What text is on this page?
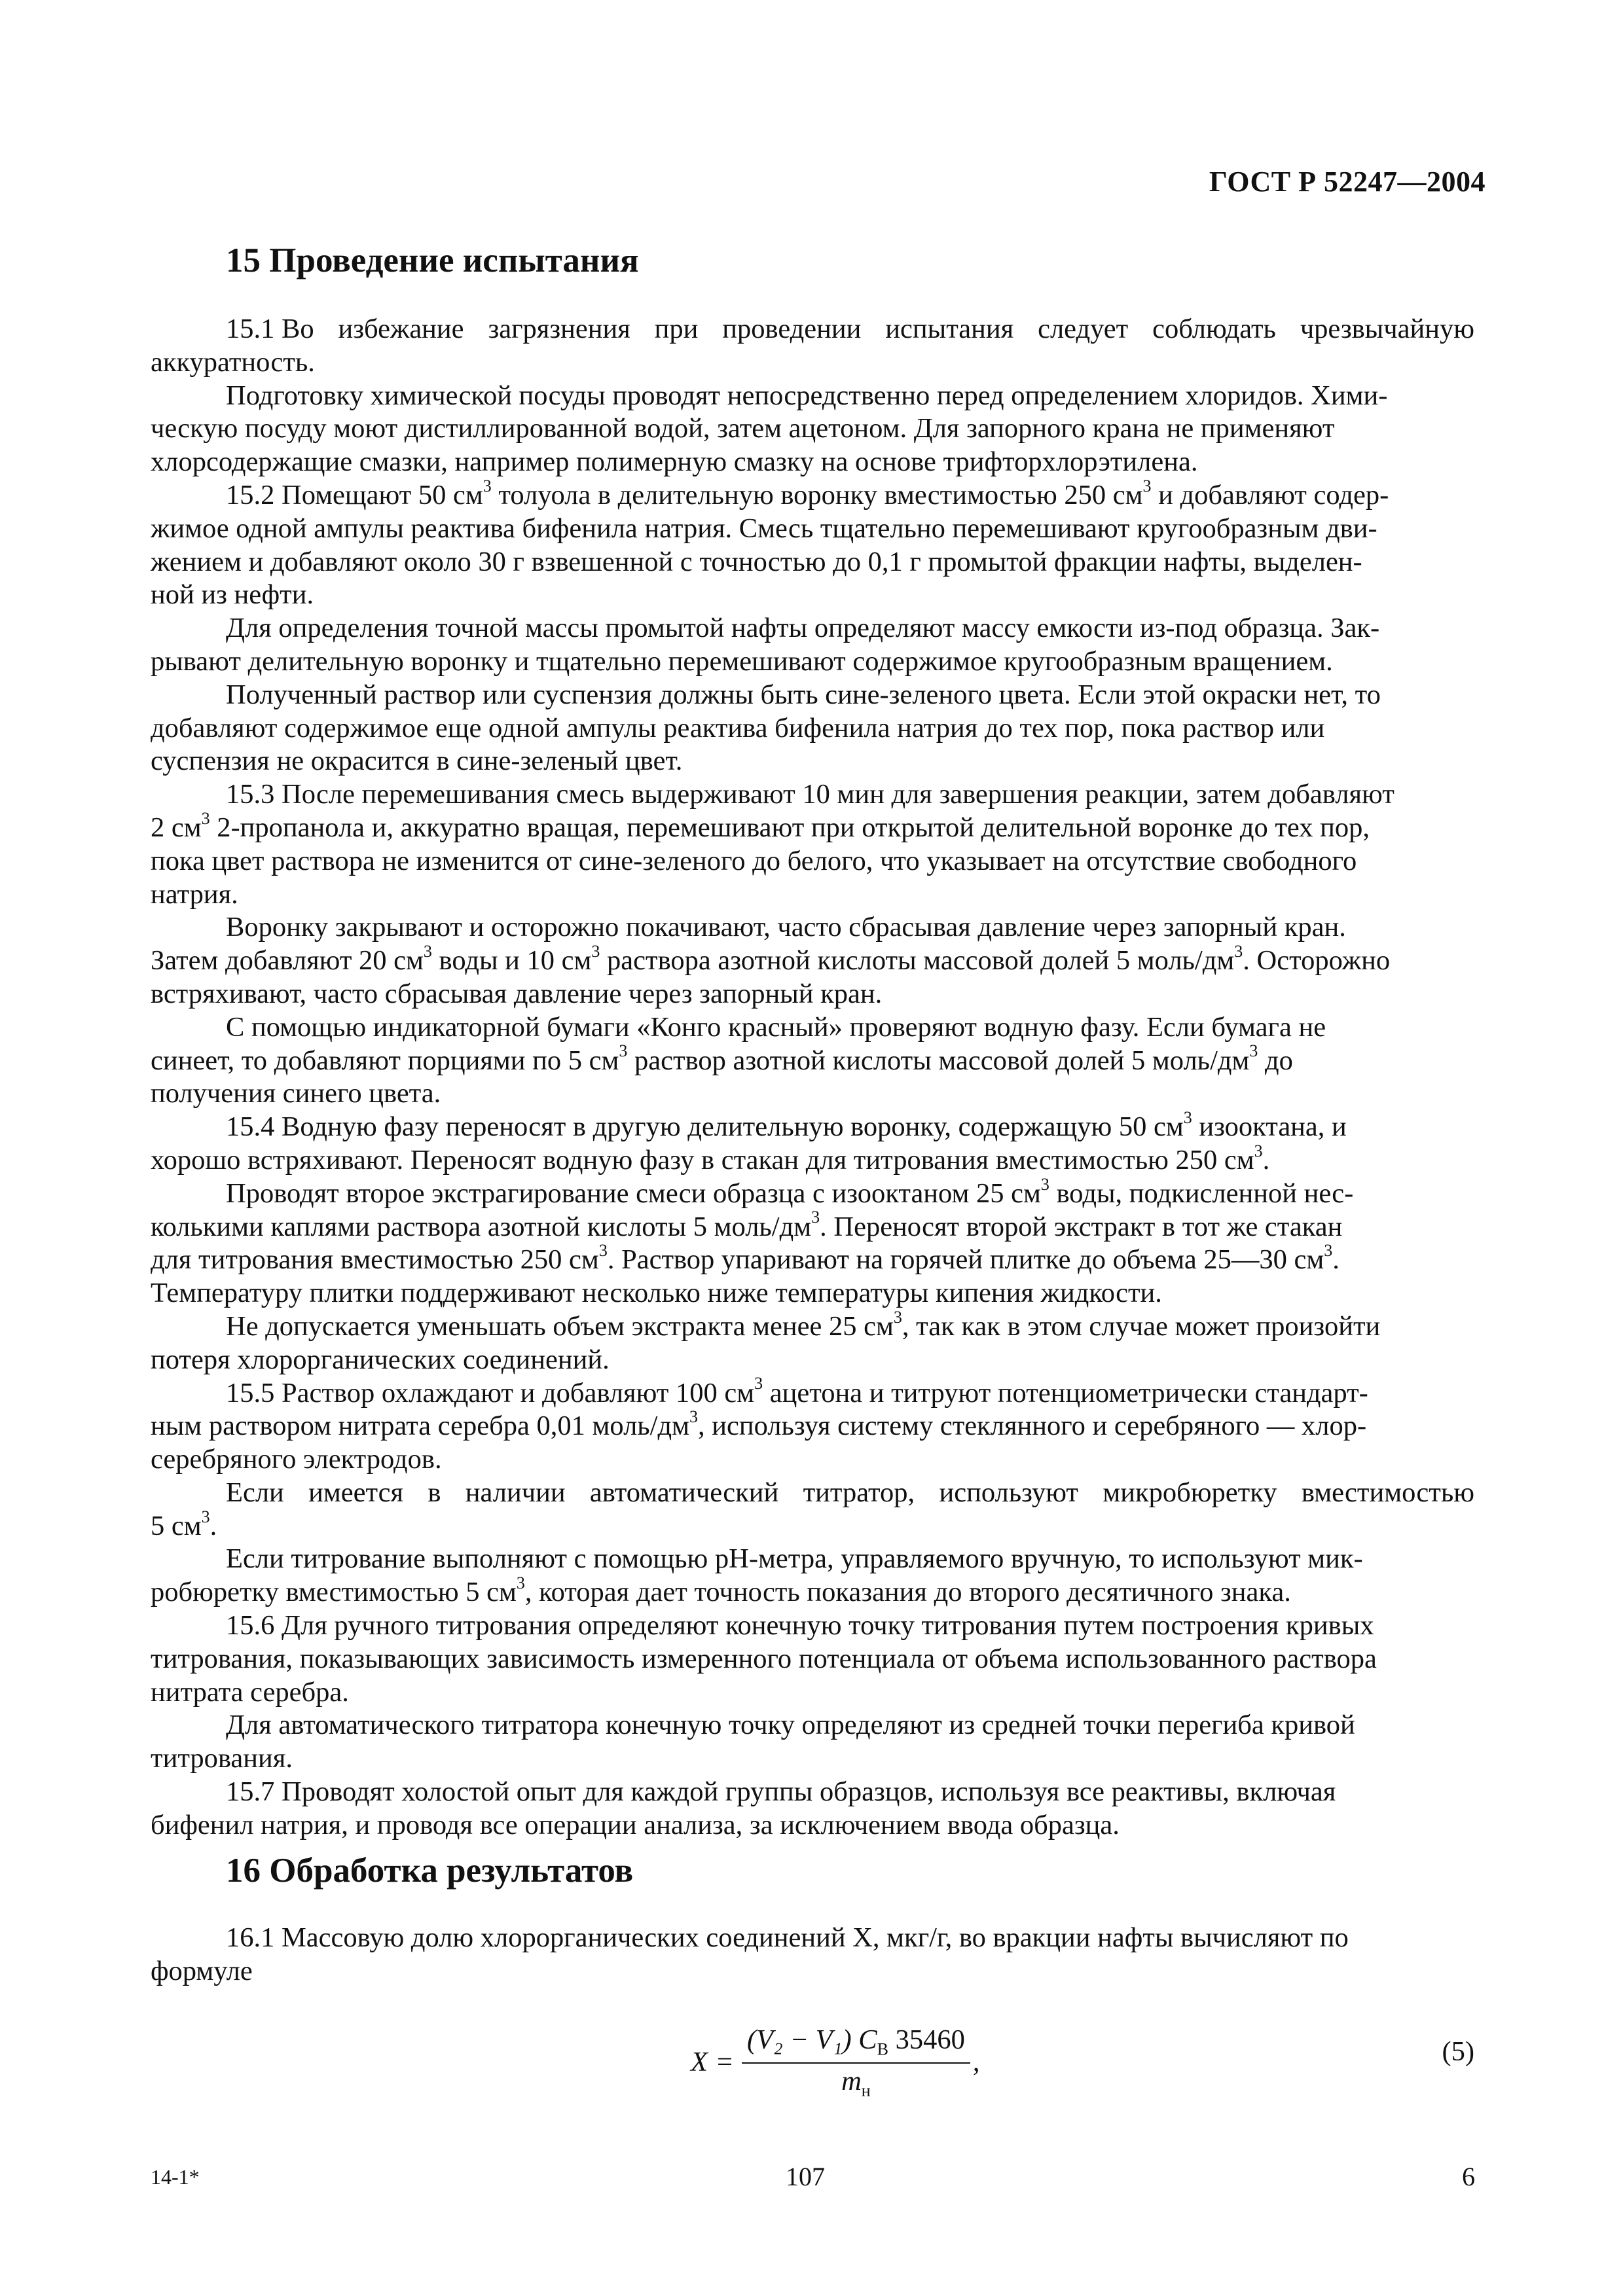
ГОСТ Р 52247—2004
15 Проведение испытания
15.1 Во избежание загрязнения при проведении испытания следует соблюдать чрезвычайную
аккуратность.
Подготовку химической посуды проводят непосредственно перед определением хлоридов. Хими-
ческую посуду моют дистиллированной водой, затем ацетоном. Для запорного крана не применяют
хлорсодержащие смазки, например полимерную смазку на основе трифторхлорэтилена.
15.2 Помещают 50 $см^3$ толуола в делительную воронку вместимостью 250 $см^3$ и добавляют содер-
жимое одной ампулы реактива бифенила натрия. Смесь тщательно перемешивают кругообразным дви-
жением и добавляют около 30 г взвешенной с точностью до 0,1 г промытой фракции нафты, выделен-
ной из нефти.
Для определения точной массы промытой нафты определяют массу емкости из-под образца. Зак-
рывают делительную воронку и тщательно перемешивают содержимое кругообразным вращением.
Полученный раствор или суспензия должны быть сине-зеленого цвета. Если этой окраски нет, то
добавляют содержимое еще одной ампулы реактива бифенила натрия до тех пор, пока раствор или
суспензия не окрасится в сине-зеленый цвет.
15.3 После перемешивания смесь выдерживают 10 мин для завершения реакции, затем добавляют
2 $см^3$ 2-пропанола и, аккуратно вращая, перемешивают при открытой делительной воронке до тех пор,
пока цвет раствора не изменится от сине-зеленого до белого, что указывает на отсутствие свободного
натрия.
Воронку закрывают и осторожно покачивают, часто сбрасывая давление через запорный кран.
Затем добавляют 20 $см^3$ воды и 10 $см^3$ раствора азотной кислоты массовой долей 5 моль/$дм^3$. Осторожно
встряхивают, часто сбрасывая давление через запорный кран.
С помощью индикаторной бумаги «Конго красный» проверяют водную фазу. Если бумага не
синеет, то добавляют порциями по 5 $см^3$ раствор азотной кислоты массовой долей 5 моль/$дм^3$ до
получения синего цвета.
15.4 Водную фазу переносят в другую делительную воронку, содержащую 50 $см^3$ изооктана, и
хорошо встряхивают. Переносят водную фазу в стакан для титрования вместимостью 250 $см^3$.
Проводят второе экстрагирование смеси образца с изооктаном 25 $см^3$ воды, подкисленной нес-
колькими каплями раствора азотной кислоты 5 моль/$дм^3$. Переносят второй экстракт в тот же стакан
для титрования вместимостью 250 $см^3$. Раствор упаривают на горячей плитке до объема 25—30 $см^3$.
Температуру плитки поддерживают несколько ниже температуры кипения жидкости.
Не допускается уменьшать объем экстракта менее 25 $см^3$, так как в этом случае может произойти
потеря хлорорганических соединений.
15.5 Раствор охлаждают и добавляют 100 $см^3$ ацетона и титруют потенциометрически стандарт-
ным раствором нитрата серебра 0,01 моль/$дм^3$, используя систему стеклянного и серебряного — хлор-
серебряного электродов.
Если имеется в наличии автоматический титратор, используют микробюретку вместимостью
5 $см^3$.
Если титрование выполняют с помощью pH-метра, управляемого вручную, то используют мик-
робюретку вместимостью 5 $см^3$, которая дает точность показания до второго десятичного знака.
15.6 Для ручного титрования определяют конечную точку титрования путем построения кривых
титрования, показывающих зависимость измеренного потенциала от объема использованного раствора
нитрата серебра.
Для автоматического титратора конечную точку определяют из средней точки перегиба кривой
титрования.
15.7 Проводят холостой опыт для каждой группы образцов, используя все реактивы, включая
бифенил натрия, и проводя все операции анализа, за исключением ввода образца.
16 Обработка результатов
16.1 Массовую долю хлорорганических соединений X, мкг/г, во вракции нафты вычисляют по
формуле
$X = \frac{(V_2 - V_1) C_В 35460}{m_н}$ ,	(5)
14-1*	107	6
